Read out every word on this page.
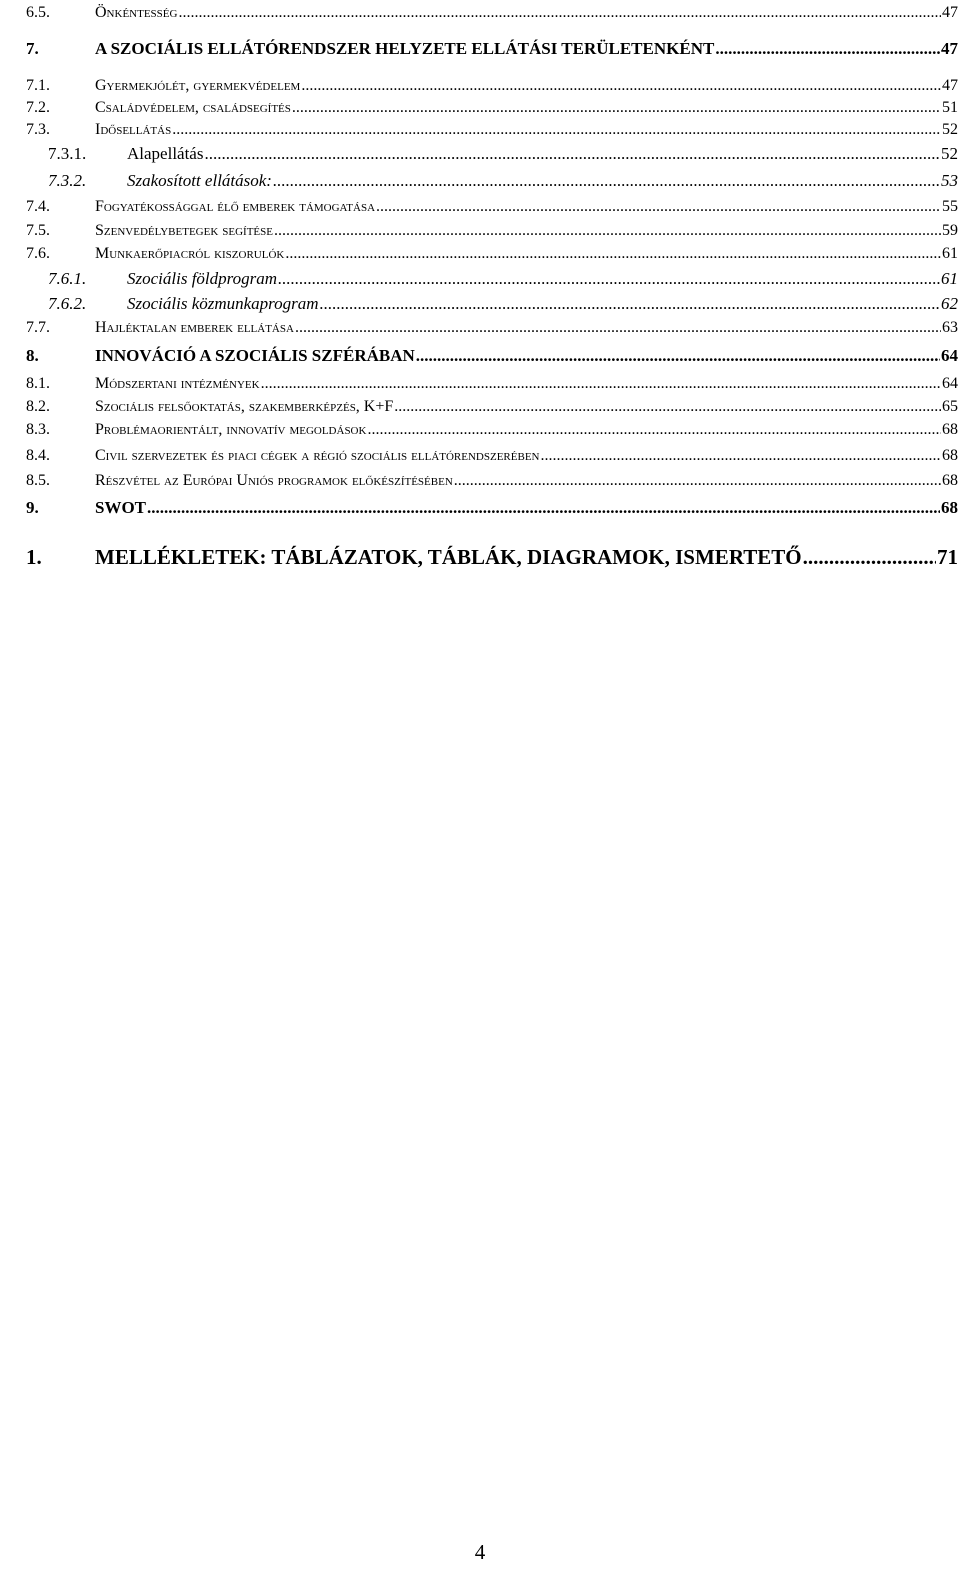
6.5.	Önkéntesség .....	47
7.	A SZOCIÁLIS ELLÁTÓRENDSZER HELYZETE ELLÁTÁSI TERÜLETENKÉNT .....	47
7.1.	Gyermekjólét, gyermekvédelem .....	47
7.2.	Családvédelem, családsegítés .....	51
7.3.	Idősellátás .....	52
7.3.1. Alapellátás .....	52
7.3.2. Szakosított ellátások: .....	53
7.4.	Fogyatékossággal élő emberek támogatása .....	55
7.5.	Szenvedélybetegek segítése .....	59
7.6.	Munkaerőpiacról kiszorulók .....	61
7.6.1. Szociális földprogram .....	61
7.6.2. Szociális közmunkaprogram .....	62
7.7.	Hajléktalan emberek ellátása .....	63
8.	INNOVÁCIÓ A SZOCIÁLIS SZFÉRÁBAN .....	64
8.1.	Módszertani intézmények .....	64
8.2.	Szociális felsőoktatás, szakemberképzés, K+F .....	65
8.3.	Problémaorientált, innovatív megoldások .....	68
8.4.	Civil szervezetek és piaci cégek a régió szociális ellátórendszerében .....	68
8.5.	Részvétel az Európai Uniós programok előkészítésében .....	68
9.	SWOT .....	68
1.	MELLÉKLETEK: TÁBLÁZATOK, TÁBLÁK, DIAGRAMOK, ISMERTETŐ .....	71
4
